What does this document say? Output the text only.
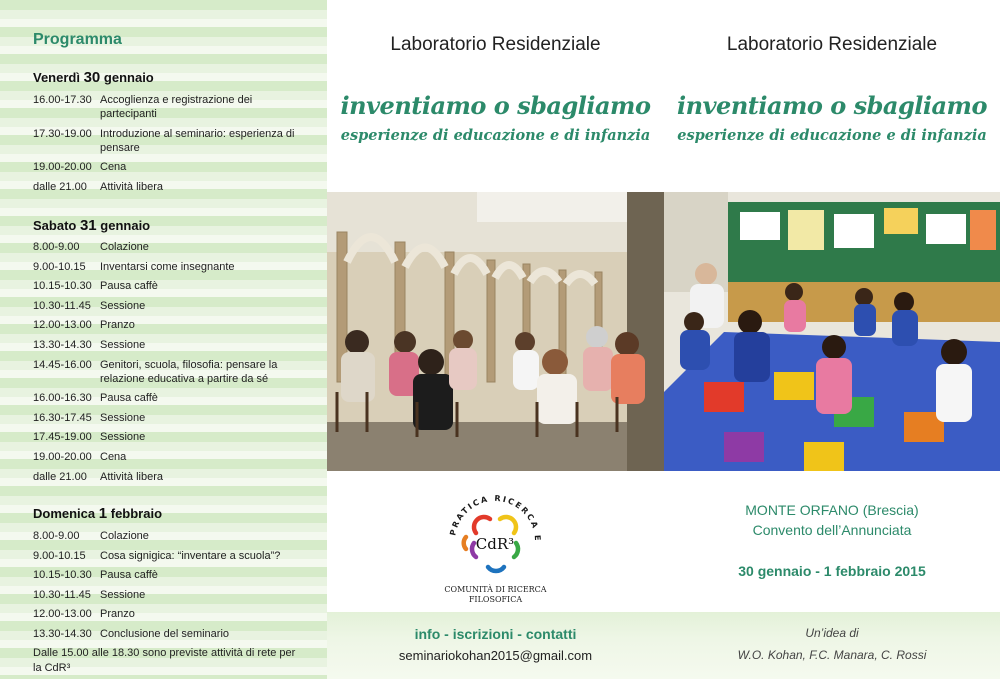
Programma
Venerdì 30 gennaio
16.00-17.30 Accoglienza e registrazione dei partecipanti
17.30-19.00 Introduzione al seminario: esperienza di pensare
19.00-20.00 Cena
dalle 21.00	Attività libera
Sabato 31 gennaio
8.00-9.00	Colazione
9.00-10.15	Inventarsi come insegnante
10.15-10.30 Pausa caffè
10.30-11.45 Sessione
12.00-13.00 Pranzo
13.30-14.30 Sessione
14.45-16.00 Genitori, scuola, filosofia: pensare la relazione educativa a partire da sé
16.00-16.30 Pausa caffè
16.30-17.45 Sessione
17.45-19.00 Sessione
19.00-20.00 Cena
dalle 21.00	Attività libera
Domenica 1 febbraio
8.00-9.00	Colazione
9.00-10.15	Cosa signigica: “inventare a scuola”?
10.15-10.30 Pausa caffè
10.30-11.45 Sessione
12.00-13.00 Pranzo
13.30-14.30 Conclusione del seminario
Dalle 15.00 alle 18.30 sono previste attività di rete per la CdR³
Laboratorio Residenziale
inventiamo o sbagliamo
esperienze di educazione e di infanzia
PRATICA RICERCA E
CdR³
COMUNITÀ DI RICERCA
FILOSOFICA
info - iscrizioni - contatti
seminariokohan2015@gmail.com
Laboratorio Residenziale
inventiamo o sbagliamo
esperienze di educazione e di infanzia
MONTE ORFANO (Brescia)
Convento dell’Annunciata
30 gennaio - 1 febbraio 2015
Un’idea di
W.O. Kohan, F.C. Manara, C. Rossi
